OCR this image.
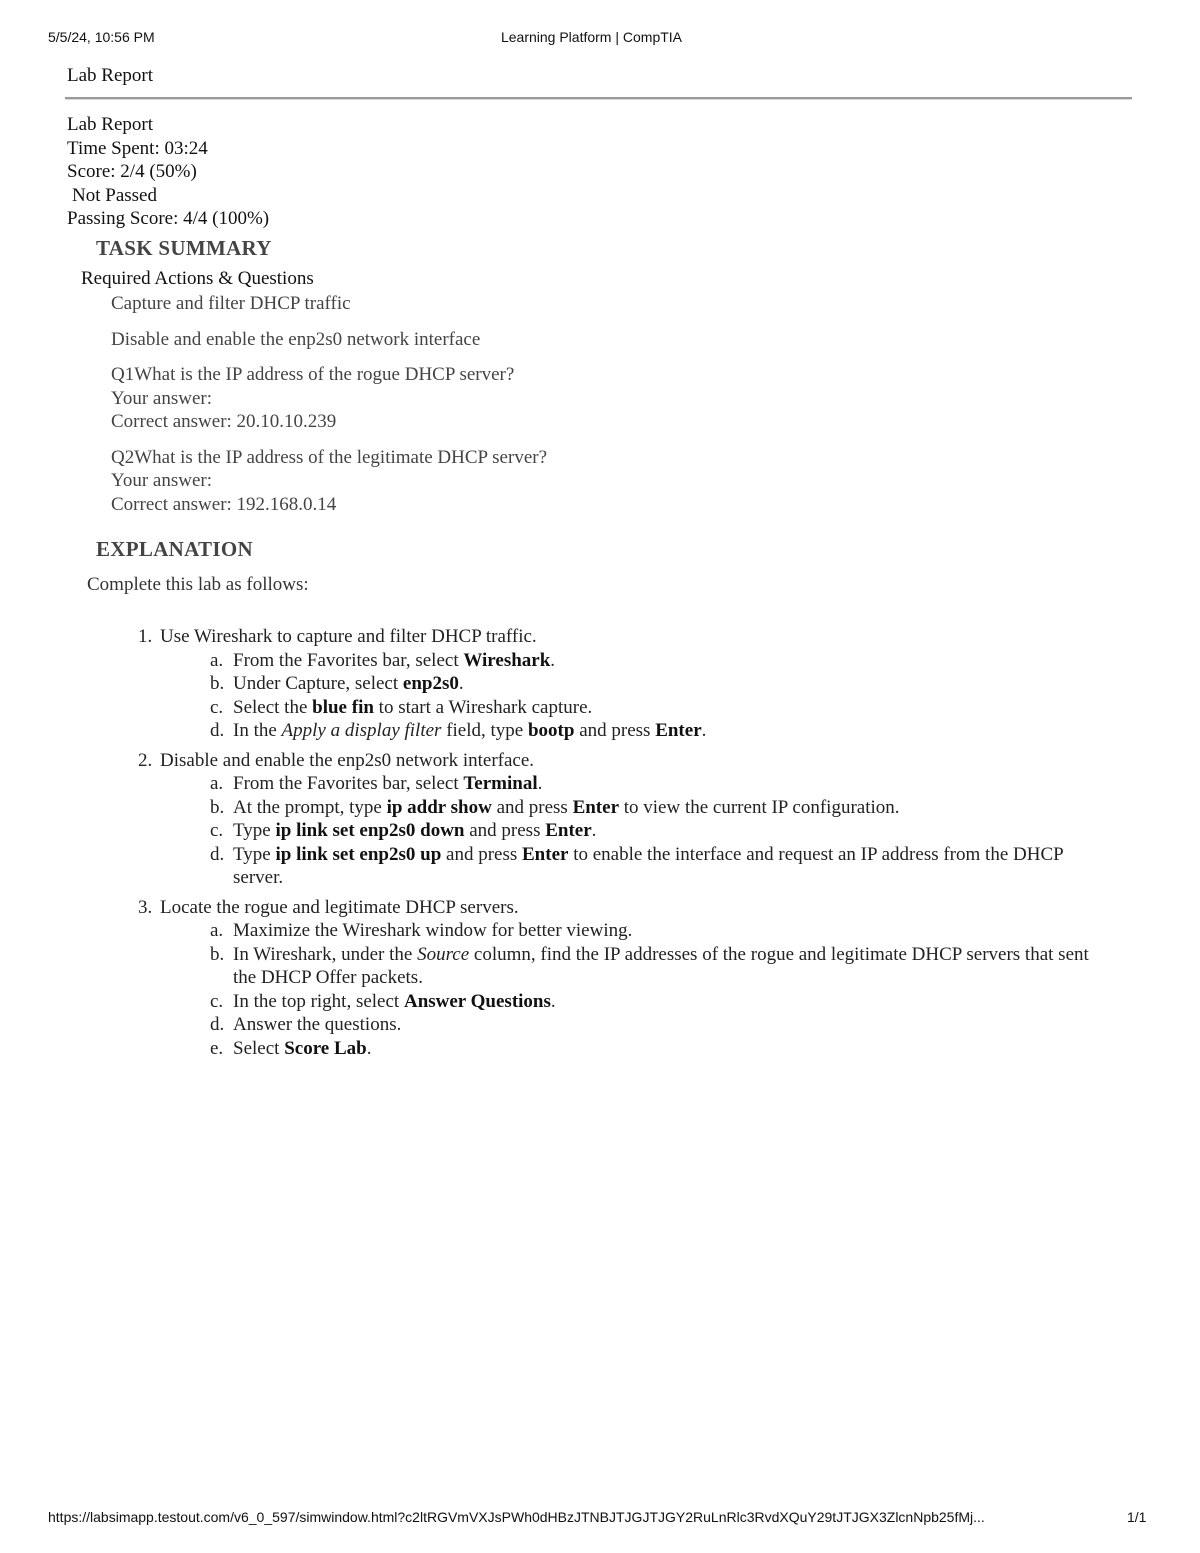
5/5/24, 10:56 PM	Learning Platform | CompTIA
Lab Report
Lab Report
Time Spent: 03:24
Score: 2/4 (50%)
Not Passed
Passing Score: 4/4 (100%)
TASK SUMMARY
Required Actions & Questions
Capture and filter DHCP traffic
Disable and enable the enp2s0 network interface
Q1What is the IP address of the rogue DHCP server?
Your answer:
Correct answer: 20.10.10.239
Q2What is the IP address of the legitimate DHCP server?
Your answer:
Correct answer: 192.168.0.14
EXPLANATION
Complete this lab as follows:
1. Use Wireshark to capture and filter DHCP traffic.
a. From the Favorites bar, select Wireshark.
b. Under Capture, select enp2s0.
c. Select the blue fin to start a Wireshark capture.
d. In the Apply a display filter field, type bootp and press Enter.
2. Disable and enable the enp2s0 network interface.
a. From the Favorites bar, select Terminal.
b. At the prompt, type ip addr show and press Enter to view the current IP configuration.
c. Type ip link set enp2s0 down and press Enter.
d. Type ip link set enp2s0 up and press Enter to enable the interface and request an IP address from the DHCP server.
3. Locate the rogue and legitimate DHCP servers.
a. Maximize the Wireshark window for better viewing.
b. In Wireshark, under the Source column, find the IP addresses of the rogue and legitimate DHCP servers that sent the DHCP Offer packets.
c. In the top right, select Answer Questions.
d. Answer the questions.
e. Select Score Lab.
https://labsimapp.testout.com/v6_0_597/simwindow.html?c2ltRGVmVXJsPWh0dHBzJTNBJTJGJTJGY2RuLnRlc3RvdXQuY29tJTJGX3ZlcnNpb25fMj...	1/1
